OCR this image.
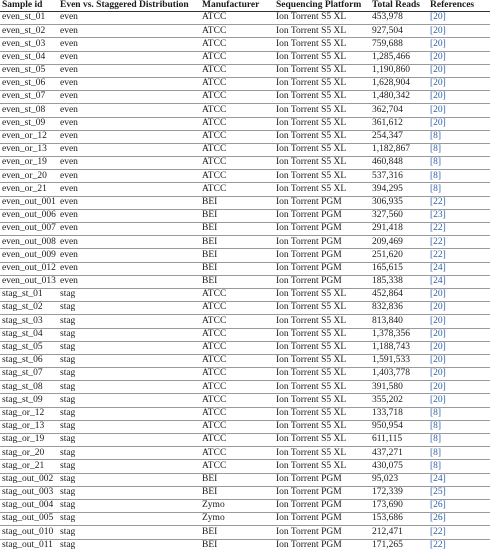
Sample id	Even vs. Staggered Distribution	Manufacturer	Sequencing Platform	Total Reads	References
even_st_01	even	ATCC	Ion Torrent S5 XL	453,978	[20]
even_st_02	even	ATCC	Ion Torrent S5 XL	927,504	[20]
even_st_03	even	ATCC	Ion Torrent S5 XL	759,688	[20]
even_st_04	even	ATCC	Ion Torrent S5 XL	1,285,466	[20]
even_st_05	even	ATCC	Ion Torrent S5 XL	1,190,860	[20]
even_st_06	even	ATCC	Ion Torrent S5 XL	1,628,904	[20]
even_st_07	even	ATCC	Ion Torrent S5 XL	1,480,342	[20]
even_st_08	even	ATCC	Ion Torrent S5 XL	362,704	[20]
even_st_09	even	ATCC	Ion Torrent S5 XL	361,612	[20]
even_or_12	even	ATCC	Ion Torrent S5 XL	254,347	[8]
even_or_13	even	ATCC	Ion Torrent S5 XL	1,182,867	[8]
even_or_19	even	ATCC	Ion Torrent S5 XL	460,848	[8]
even_or_20	even	ATCC	Ion Torrent S5 XL	537,316	[8]
even_or_21	even	ATCC	Ion Torrent S5 XL	394,295	[8]
even_out_001	even	BEI	Ion Torrent PGM	306,935	[22]
even_out_006	even	BEI	Ion Torrent PGM	327,560	[23]
even_out_007	even	BEI	Ion Torrent PGM	291,418	[22]
even_out_008	even	BEI	Ion Torrent PGM	209,469	[22]
even_out_009	even	BEI	Ion Torrent PGM	251,620	[22]
even_out_012	even	BEI	Ion Torrent PGM	165,615	[24]
even_out_013	even	BEI	Ion Torrent PGM	185,338	[24]
stag_st_01	stag	ATCC	Ion Torrent S5 XL	452,864	[20]
stag_st_02	stag	ATCC	Ion Torrent S5 XL	832,836	[20]
stag_st_03	stag	ATCC	Ion Torrent S5 XL	813,840	[20]
stag_st_04	stag	ATCC	Ion Torrent S5 XL	1,378,356	[20]
stag_st_05	stag	ATCC	Ion Torrent S5 XL	1,188,743	[20]
stag_st_06	stag	ATCC	Ion Torrent S5 XL	1,591,533	[20]
stag_st_07	stag	ATCC	Ion Torrent S5 XL	1,403,778	[20]
stag_st_08	stag	ATCC	Ion Torrent S5 XL	391,580	[20]
stag_st_09	stag	ATCC	Ion Torrent S5 XL	355,202	[20]
stag_or_12	stag	ATCC	Ion Torrent S5 XL	133,718	[8]
stag_or_13	stag	ATCC	Ion Torrent S5 XL	950,954	[8]
stag_or_19	stag	ATCC	Ion Torrent S5 XL	611,115	[8]
stag_or_20	stag	ATCC	Ion Torrent S5 XL	437,271	[8]
stag_or_21	stag	ATCC	Ion Torrent S5 XL	430,075	[8]
stag_out_002	stag	BEI	Ion Torrent PGM	95,023	[24]
stag_out_003	stag	BEI	Ion Torrent PGM	172,339	[25]
stag_out_004	stag	Zymo	Ion Torrent PGM	173,690	[26]
stag_out_005	stag	Zymo	Ion Torrent PGM	153,686	[26]
stag_out_010	stag	BEI	Ion Torrent PGM	212,471	[22]
stag_out_011	stag	BEI	Ion Torrent PGM	171,265	[22]
